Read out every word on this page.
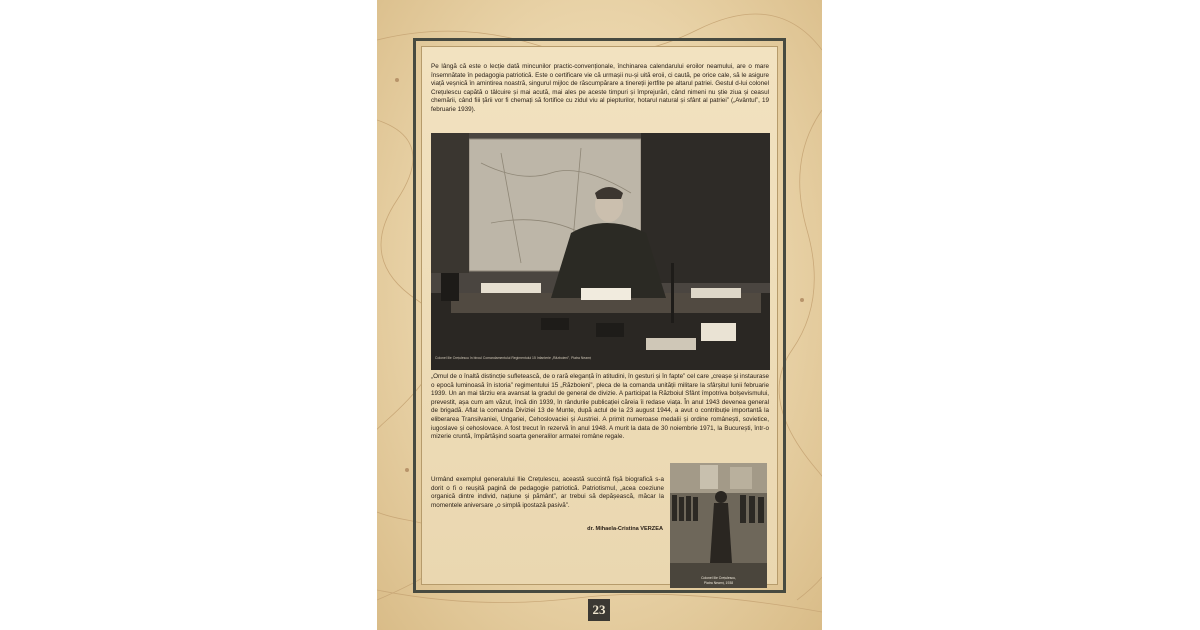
Pe lângă că este o lecție dată mincunilor practic-convenționale, închinarea calendarului eroilor neamului, are o mare însemnătate în pedagogia patriotică. Este o certificare vie că urmașii nu-și uită eroii, ci caută, pe orice cale, să le asigure viață veșnică în amintirea noastră, singurul mijloc de răscumpărare a tinereții jertfite pe altarul patriei. Gestul d-lui colonel Crețulescu capătă o tâlcuire și mai acută, mai ales pe aceste timpuri și împrejurări, când nimeni nu știe ziua și ceasul chemării, când fiii țării vor fi chemați să fortifice cu zidul viu al piepturilor, hotarul natural și sfânt al patriei” („Avântul”, 19 februarie 1939).

Colonel Ilie Crețulescu în biroul Comandamentului Regimentului 15 Infanterie „Războieni”, Piatra Neamț

„Omul de o înaltă distincție sufletească, de o rară eleganță în atitudini, în gesturi și în fapte” cel care „creașe și instaurase o epocă luminoasă în istoria” regimentului 15 „Războieni”, pleca de la comanda unității militare la sfârșitul lunii februarie 1939. Un an mai târziu era avansat la gradul de general de divizie. A participat la Războiul Sfânt împotriva bolșevismului, prevestit, așa cum am văzut, încă din 1939, în rândurile publicației căreia îi redase viața. În anul 1943 devenea general de brigadă. Aflat la comanda Diviziei 13 de Munte, după actul de la 23 august 1944, a avut o contribuție importantă la eliberarea Transilvaniei, Ungariei, Cehoslovaciei și Austriei. A primit numeroase medalii și ordine românești, sovietice, iugoslave și cehoslovace. A fost trecut în rezervă în anul 1948. A murit la data de 30 noiembrie 1971, la București, într-o mizerie cruntă, împărtășind soarta generalilor armatei române regale.

Urmând exemplul generalului Ilie Crețulescu, această succintă fișă biografică s-a dorit o fi o reușită pagină de pedagogie patriotică. Patriotismul, „acea coeziune organică dintre individ, națiune și pământ”, ar trebui să depășească, măcar la momentele aniversare „o simplă ipostază pasivă”.

dr. Mihaela-Cristina VERZEA
Colonel Ilie Crețulescu,
Piatra Neamț, 1938
23
